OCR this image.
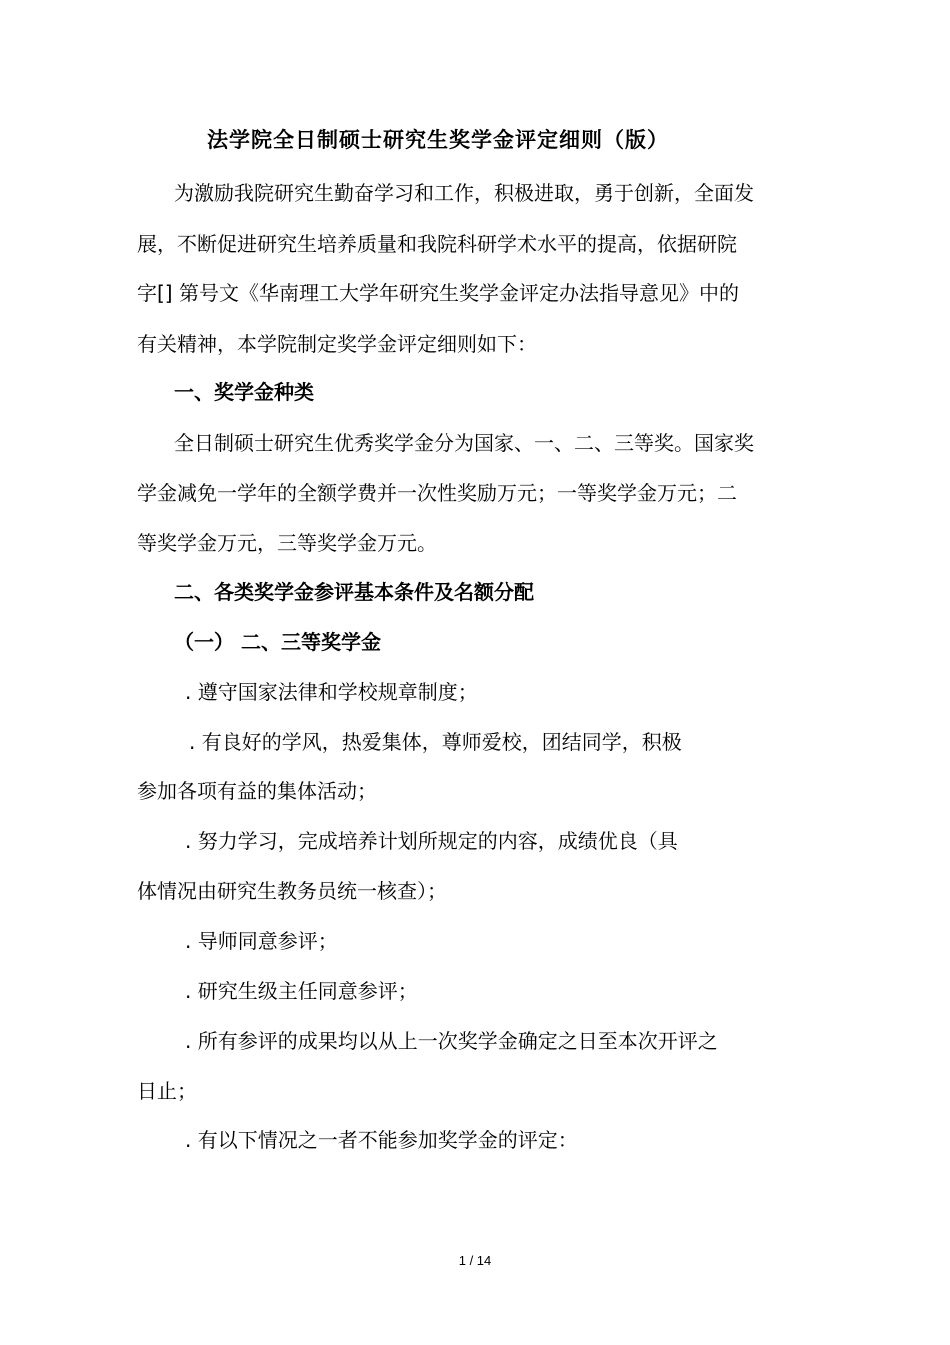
法学院全日制硕士研究生奖学金评定细则（版）

为激励我院研究生勤奋学习和工作，积极进取，勇于创新，全面发

展，不断促进研究生培养质量和我院科研学术水平的提高，依据研院

字[] 第号文《华南理工大学年研究生奖学金评定办法指导意见》中的

有关精神，本学院制定奖学金评定细则如下：

一、奖学金种类

全日制硕士研究生优秀奖学金分为国家、一、二、三等奖。国家奖

学金减免一学年的全额学费并一次性奖励万元；一等奖学金万元；二

等奖学金万元，三等奖学金万元。

二、各类奖学金参评基本条件及名额分配
（一） 二、三等奖学金

. 遵守国家法律和学校规章制度；

. 有良好的学风，热爱集体，尊师爱校，团结同学，积极

参加各项有益的集体活动；

. 努力学习，完成培养计划所规定的内容，成绩优良（具

体情况由研究生教务员统一核查）；

. 导师同意参评；

. 研究生级主任同意参评；

. 所有参评的成果均以从上一次奖学金确定之日至本次开评之

日止；

. 有以下情况之一者不能参加奖学金的评定：

1 / 14
